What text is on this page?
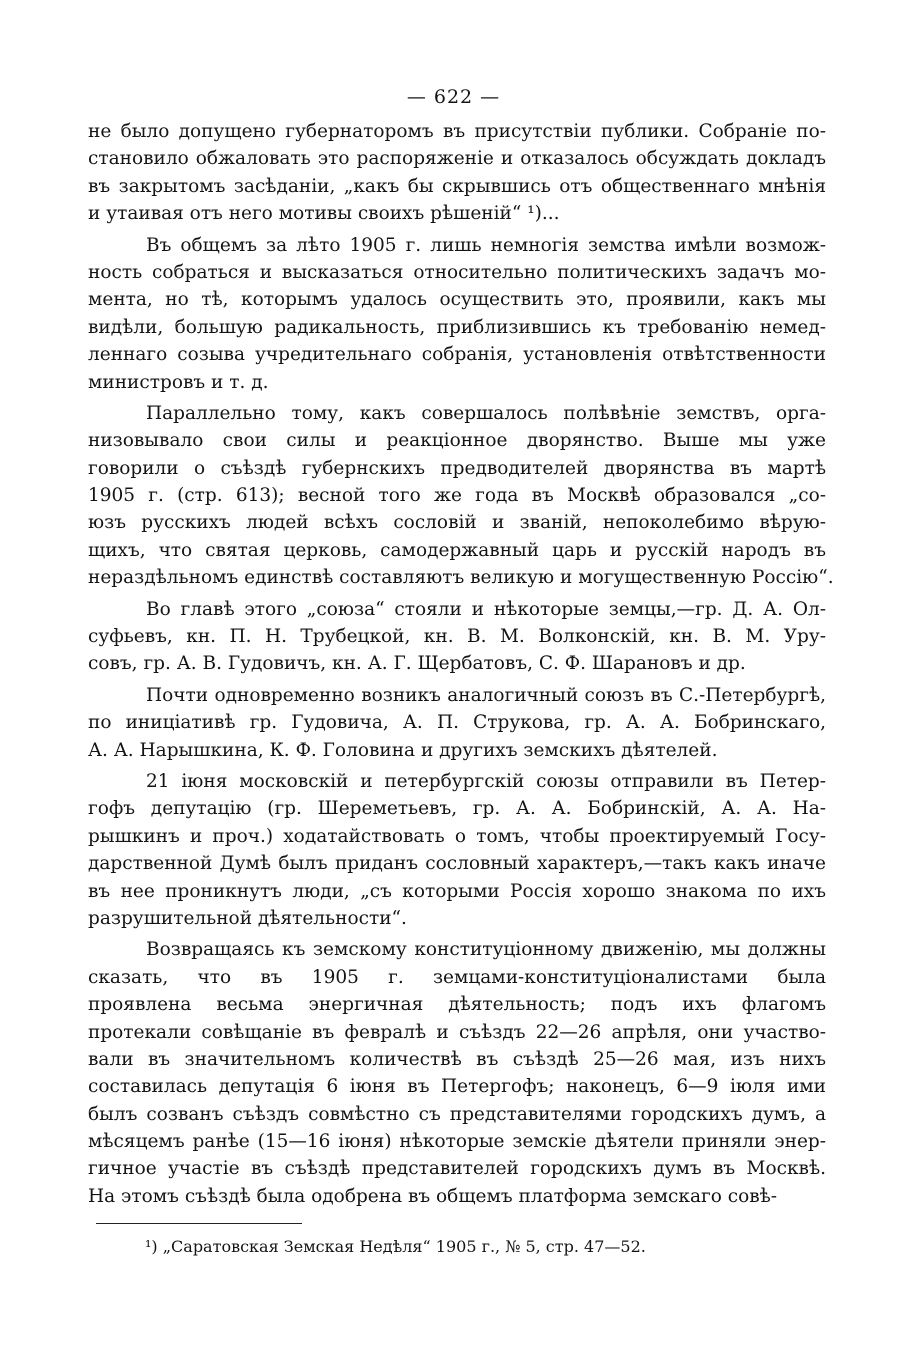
— 622 —
не было допущено губернаторомъ въ присутствіи публики. Собраніе по-
становило обжаловать это распоряженіе и отказалось обсуждать докладъ
въ закрытомъ засѣданіи, „какъ бы скрывшись отъ общественнаго мнѣнія
и утаивая отъ него мотивы своихъ рѣшеній“ ¹)...
Въ общемъ за лѣто 1905 г. лишь немногія земства имѣли возмож-
ность собраться и высказаться относительно политическихъ задачъ мо-
мента, но тѣ, которымъ удалось осуществить это, проявили, какъ мы
видѣли, большую радикальность, приблизившись къ требованію немед-
леннаго созыва учредительнаго собранія, установленія отвѣтственности
министровъ и т. д.
Параллельно тому, какъ совершалось полѣвѣніе земствъ, орга-
низовывало свои силы и реакціонное дворянство. Выше мы уже
говорили о съѣздѣ губернскихъ предводителей дворянства въ мартѣ
1905 г. (стр. 613); весной того же года въ Москвѣ образовался „со-
юзъ русскихъ людей всѣхъ сословій и званій, непоколебимо вѣрую-
щихъ, что святая церковь, самодержавный царь и русскій народъ въ
нераздѣльномъ единствѣ составляютъ великую и могущественную Россію“.
Во главѣ этого „союза“ стояли и нѣкоторые земцы,—гр. Д. А. Ол-
суфьевъ, кн. П. Н. Трубецкой, кн. В. М. Волконскій, кн. В. М. Уру-
совъ, гр. А. В. Гудовичъ, кн. А. Г. Щербатовъ, С. Ф. Шарановъ и др.
Почти одновременно возникъ аналогичный союзъ въ С.-Петербургѣ,
по иниціативѣ гр. Гудовича, А. П. Струкова, гр. А. А. Бобринскаго,
А. А. Нарышкина, К. Ф. Головина и другихъ земскихъ дѣятелей.
21 іюня московскій и петербургскій союзы отправили въ Петер-
гофъ депутацію (гр. Шереметьевъ, гр. А. А. Бобринскій, А. А. На-
рышкинъ и проч.) ходатайствовать о томъ, чтобы проектируемый Госу-
дарственной Думѣ былъ приданъ сословный характеръ,—такъ какъ иначе
въ нее проникнутъ люди, „съ которыми Россія хорошо знакома по ихъ
разрушительной дѣятельности“.
Возвращаясь къ земскому конституціонному движенію, мы должны
сказать, что въ 1905 г. земцами-конституціоналистами была
проявлена весьма энергичная дѣятельность; подъ ихъ флагомъ
протекали совѣщаніе въ февралѣ и съѣздъ 22—26 апрѣля, они участво-
вали въ значительномъ количествѣ въ съѣздѣ 25—26 мая, изъ нихъ
составилась депутація 6 іюня въ Петергофъ; наконецъ, 6—9 іюля ими
былъ созванъ съѣздъ совмѣстно съ представителями городскихъ думъ, а
мѣсяцемъ ранѣе (15—16 іюня) нѣкоторые земскіе дѣятели приняли энер-
гичное участіе въ съѣздѣ представителей городскихъ думъ въ Москвѣ.
На этомъ съѣздѣ была одобрена въ общемъ платформа земскаго совѣ-
¹) „Саратовская Земская Недѣля“ 1905 г., № 5, стр. 47—52.
